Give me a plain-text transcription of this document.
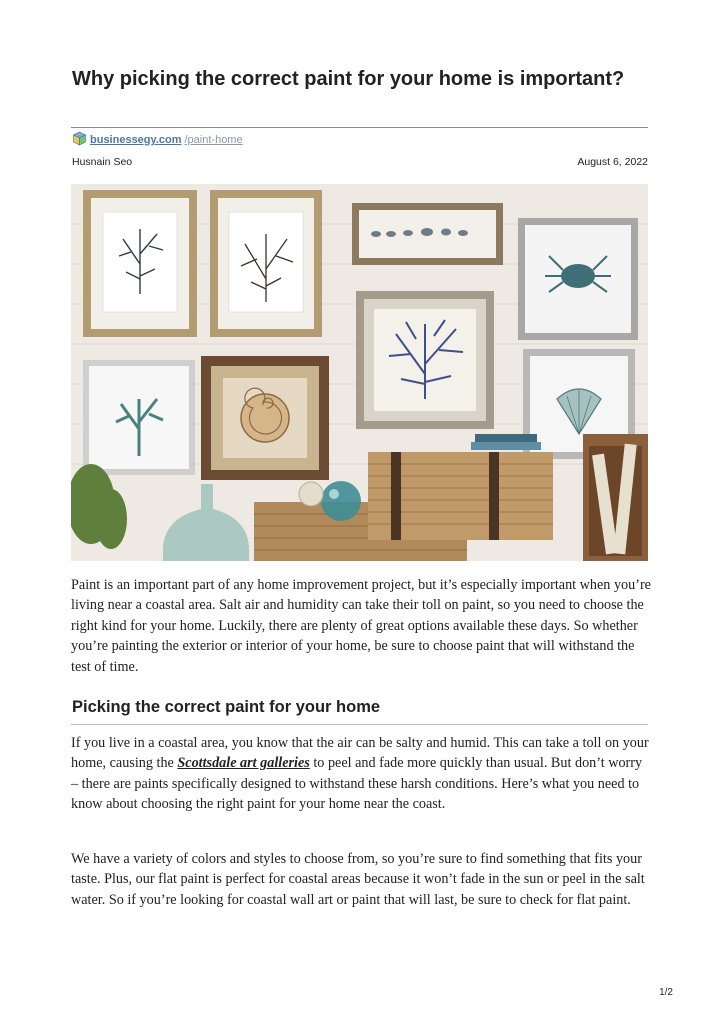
Why picking the correct paint for your home is important?
businessegy.com /paint-home
Husnain Seo	August 6, 2022
Paint is an important part of any home improvement project, but it’s especially important when you’re living near a coastal area. Salt air and humidity can take their toll on paint, so you need to choose the right kind for your home. Luckily, there are plenty of great options available these days. So whether you’re painting the exterior or interior of your home, be sure to choose paint that will withstand the test of time.
Picking the correct paint for your home
If you live in a coastal area, you know that the air can be salty and humid. This can take a toll on your home, causing the Scottsdale art galleries to peel and fade more quickly than usual. But don’t worry – there are paints specifically designed to withstand these harsh conditions. Here’s what you need to know about choosing the right paint for your home near the coast.
We have a variety of colors and styles to choose from, so you’re sure to find something that fits your taste. Plus, our flat paint is perfect for coastal areas because it won’t fade in the sun or peel in the salt water. So if you’re looking for coastal wall art or paint that will last, be sure to check for flat paint.
1/2
